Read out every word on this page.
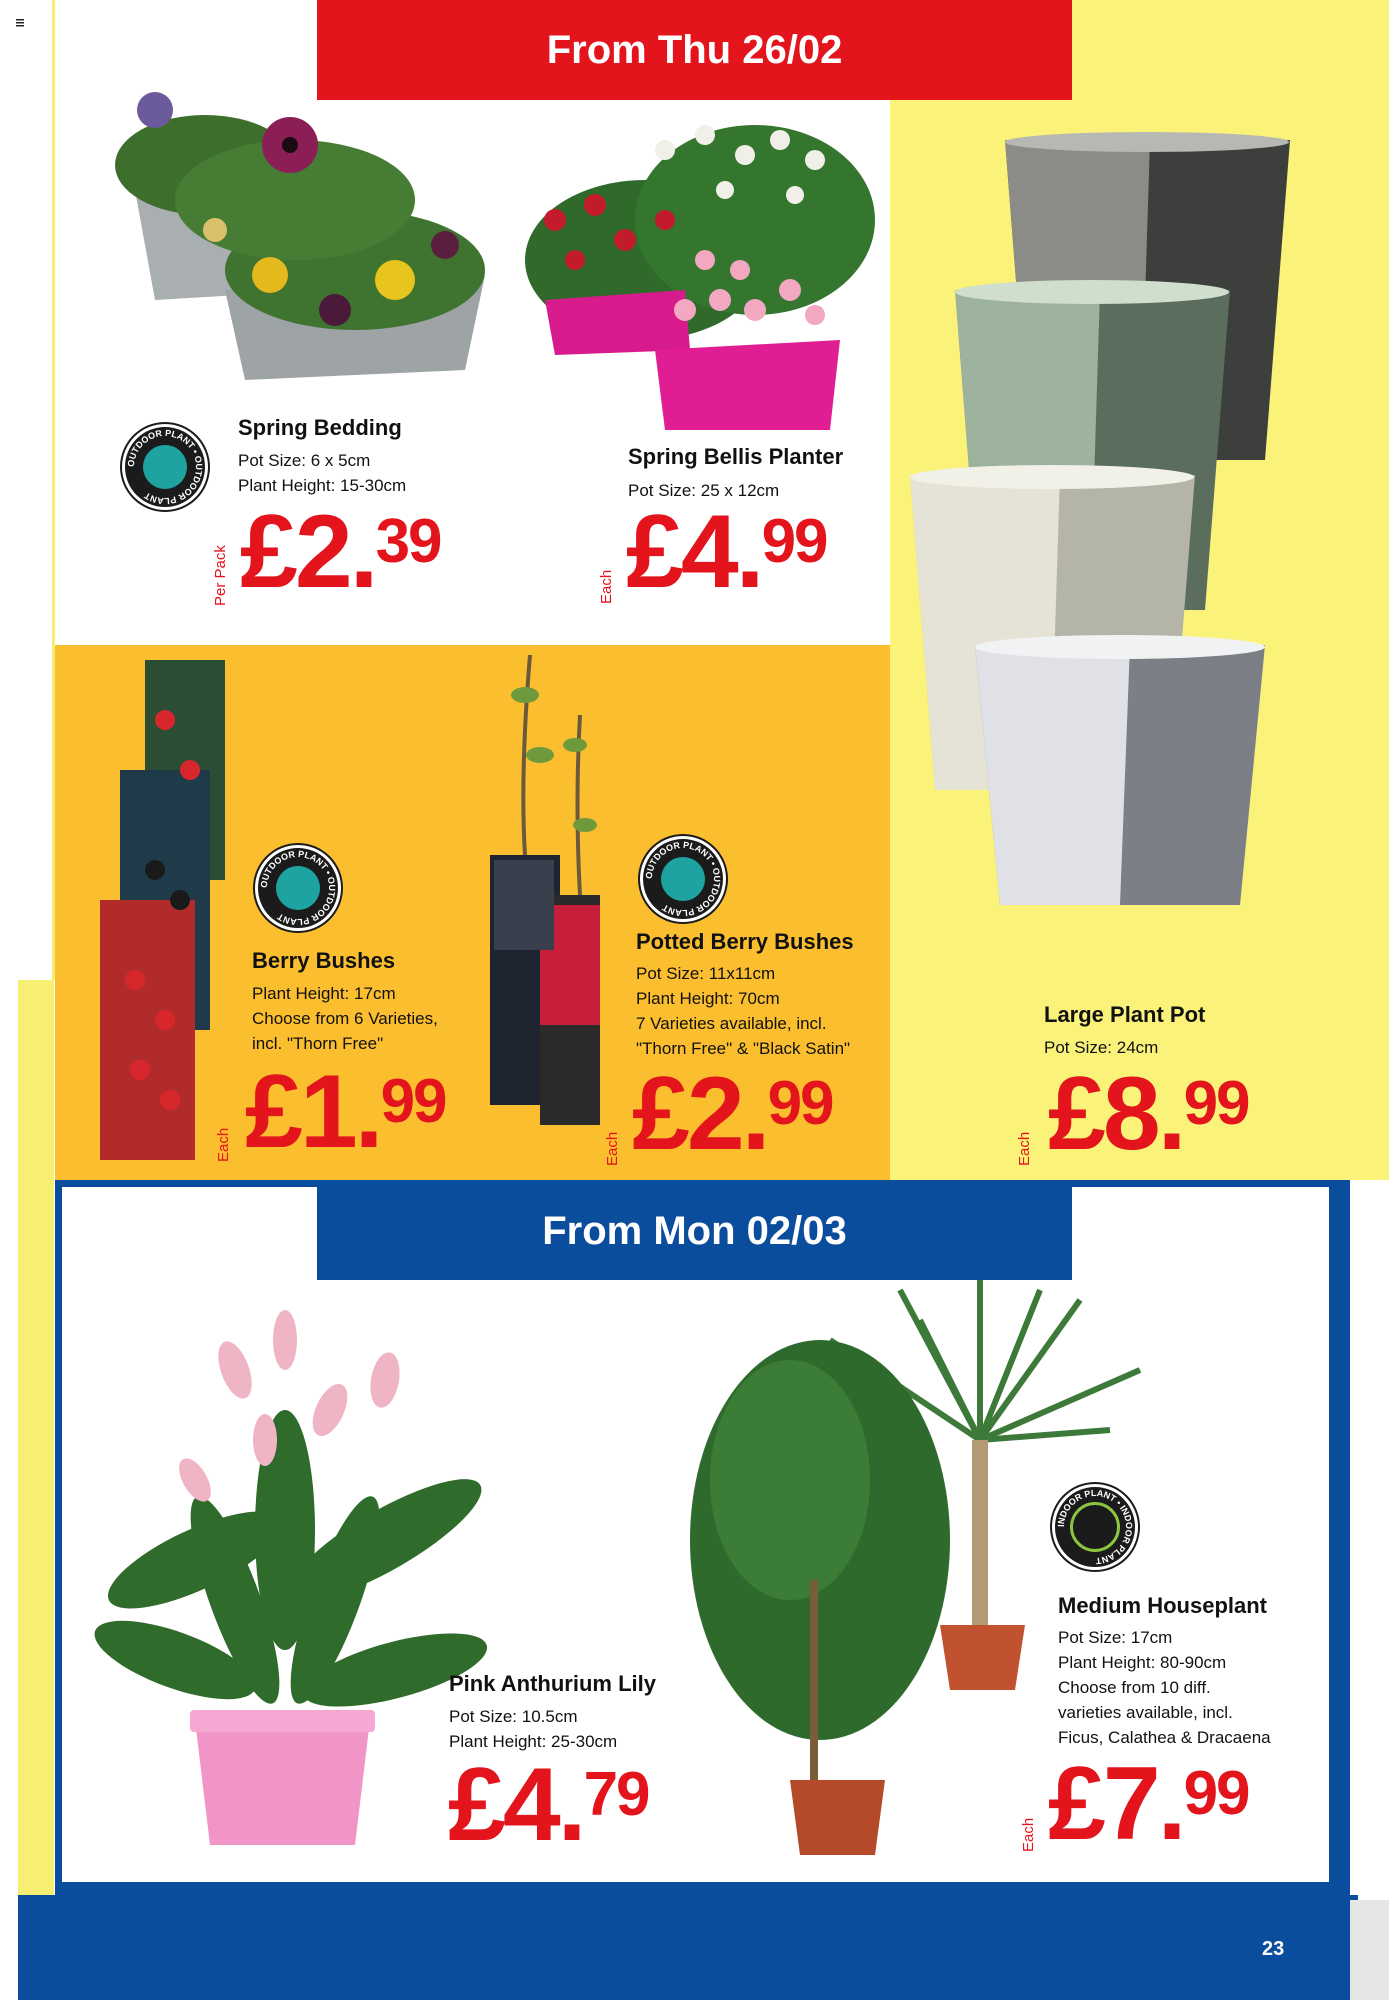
From Thu 26/02
From Mon 02/03
OUTDOOR PLANT • OUTDOOR PLANT
OUTDOOR PLANT • OUTDOOR PLANT
OUTDOOR PLANT • OUTDOOR PLANT
INDOOR PLANT • INDOOR PLANT
Spring Bedding
Pot Size: 6 x 5cm
Plant Height: 15-30cm
Per Pack £2.39
Spring Bellis Planter
Pot Size: 25 x 12cm
Each £4.99
Berry Bushes
Plant Height: 17cm
Choose from 6 Varieties,
incl. "Thorn Free"
Each £1.99
Potted Berry Bushes
Pot Size: 11x11cm
Plant Height: 70cm
7 Varieties available, incl.
"Thorn Free" & "Black Satin"
Each £2.99
Large Plant Pot
Pot Size: 24cm
Each £8.99
Pink Anthurium Lily
Pot Size: 10.5cm
Plant Height: 25-30cm
£4.79
Medium Houseplant
Pot Size: 17cm
Plant Height: 80-90cm
Choose from 10 diff.
varieties available, incl.
Ficus, Calathea & Dracaena
Each £7.99
23
